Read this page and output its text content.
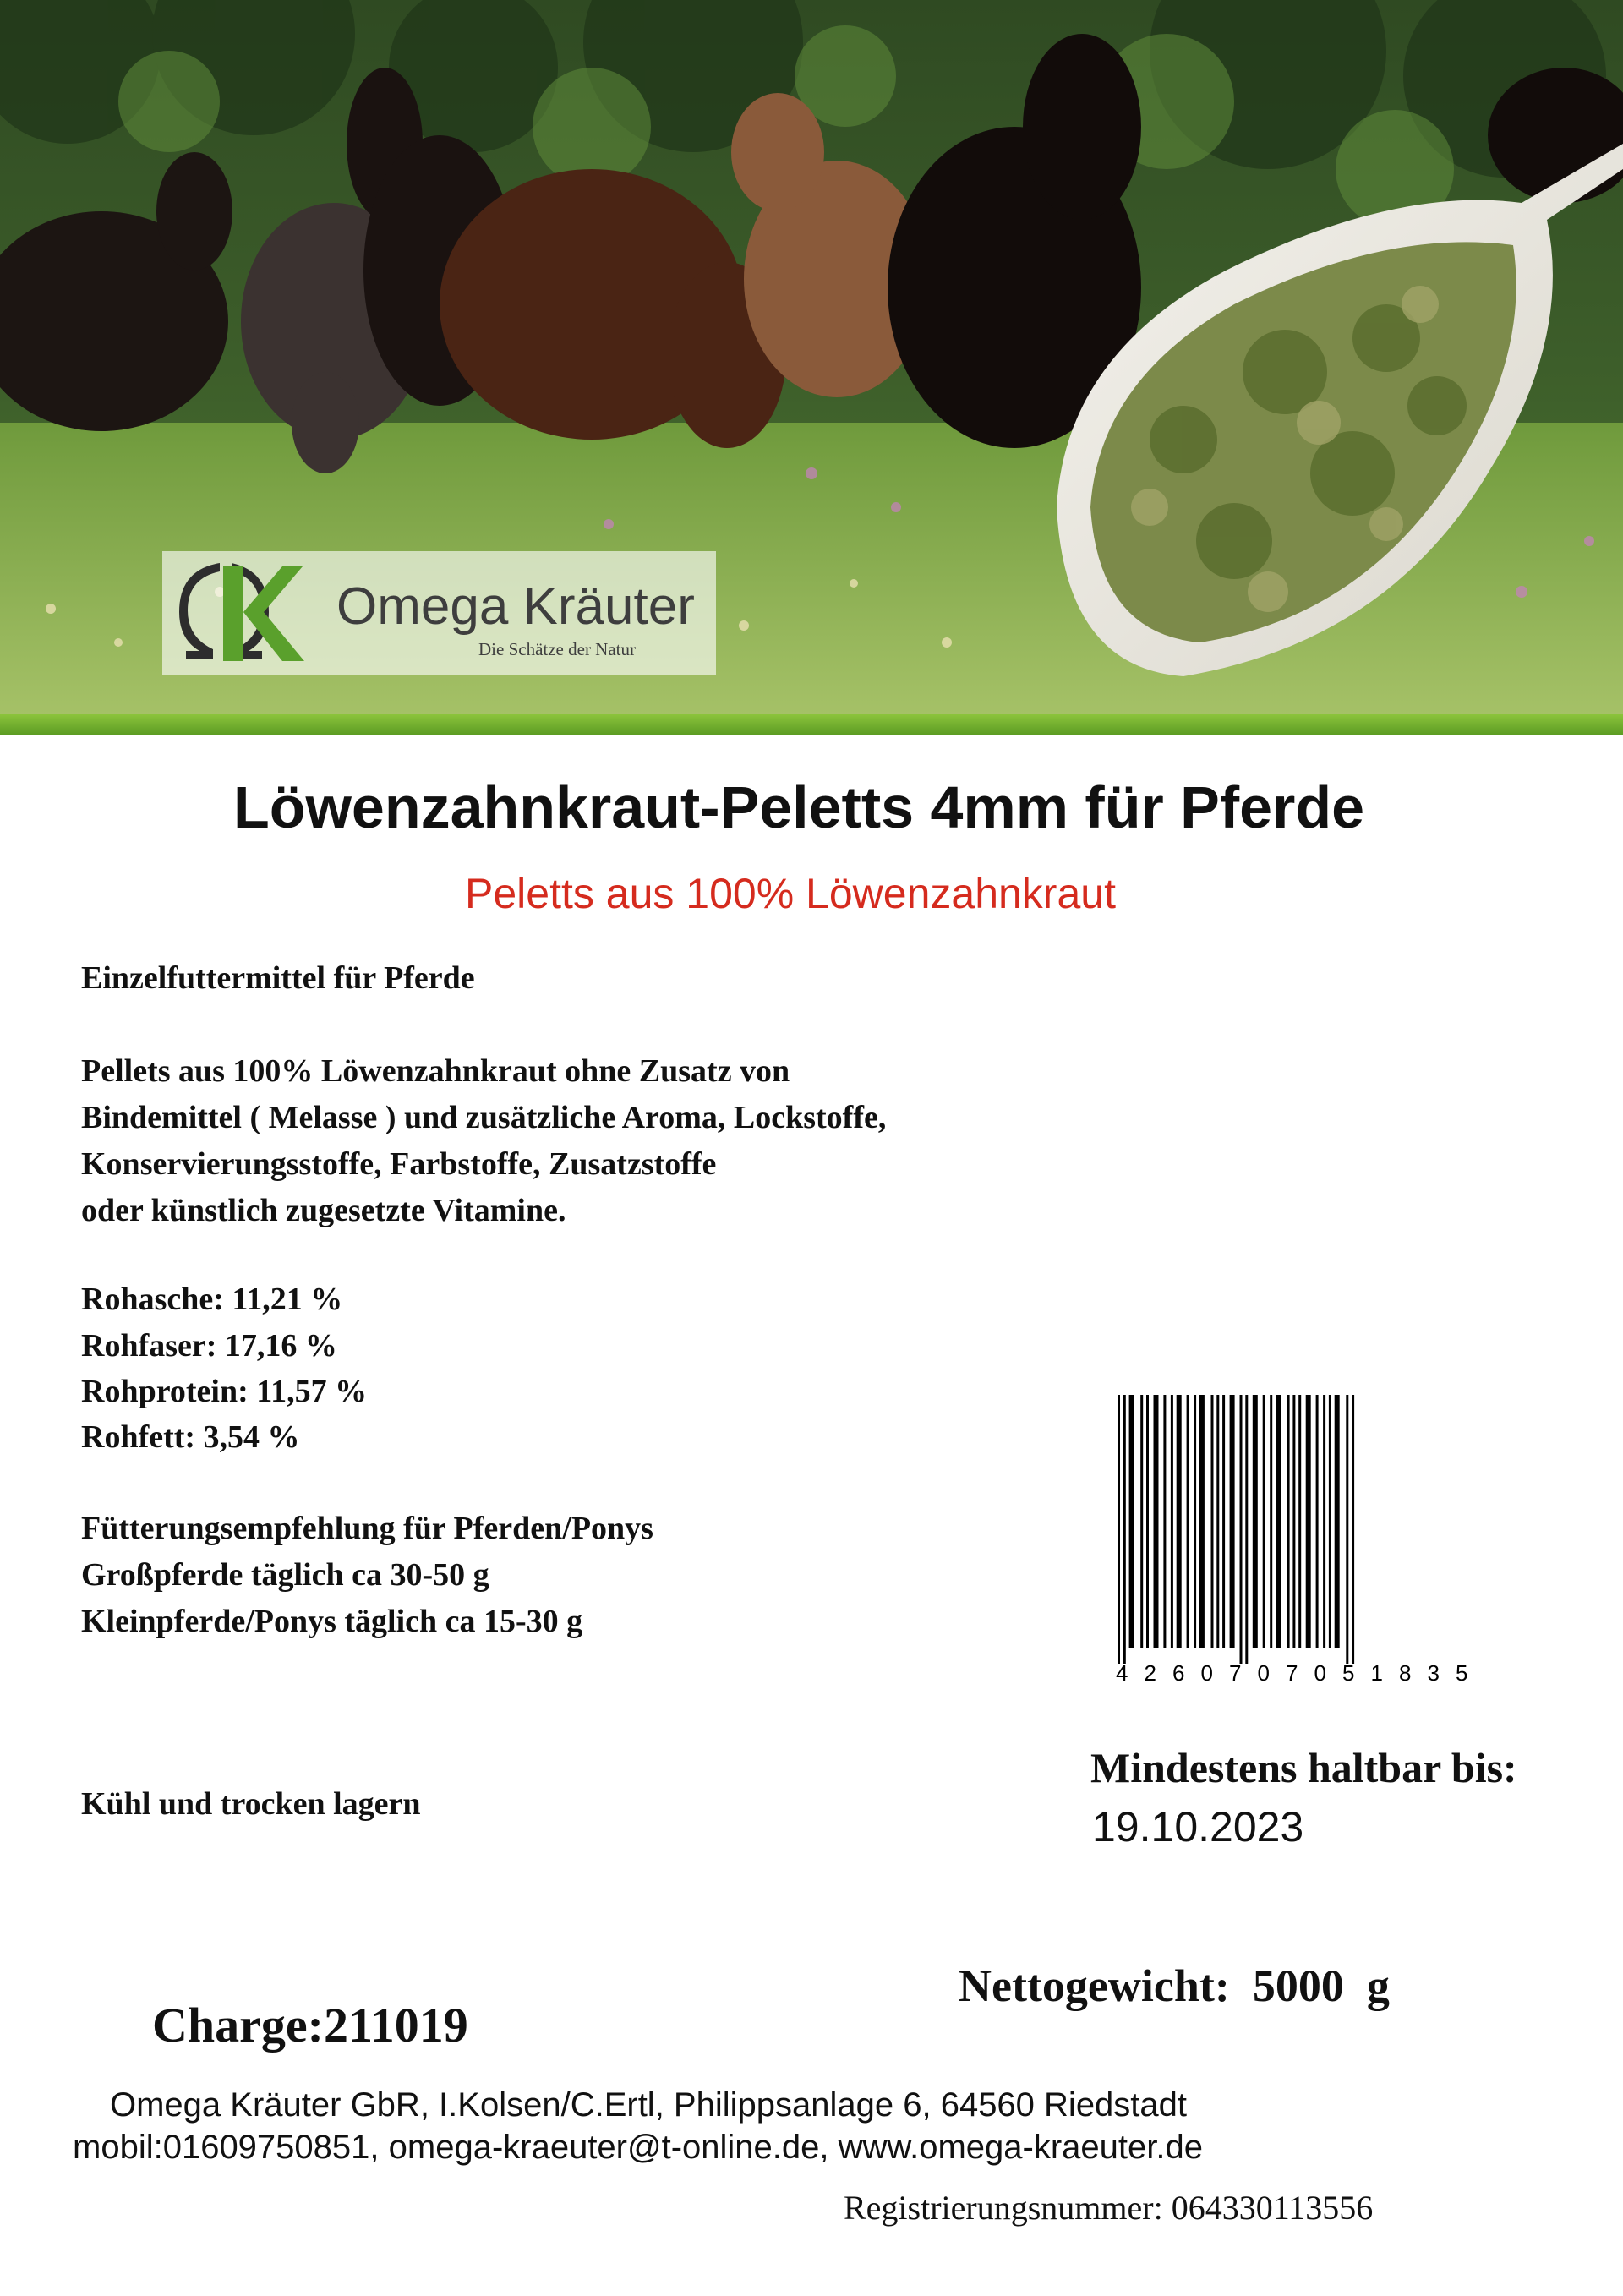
Omega Kräuter
Die Schätze der Natur
Löwenzahnkraut-Peletts 4mm für Pferde
Peletts aus 100% Löwenzahnkraut
Einzelfuttermittel für Pferde
Pellets aus 100% Löwenzahnkraut ohne Zusatz von
Bindemittel ( Melasse ) und zusätzliche Aroma, Lockstoffe,
Konservierungsstoffe, Farbstoffe, Zusatzstoffe
oder künstlich zugesetzte Vitamine.
Rohasche: 11,21 %
Rohfaser: 17,16 %
Rohprotein: 11,57 %
Rohfett: 3,54 %
Fütterungsempfehlung für Pferden/Ponys
Großpferde täglich ca 30-50 g
Kleinpferde/Ponys täglich ca 15-30 g
Kühl und trocken lagern
4 2 6 0 7 0 7 0 5 1 8 3 5
Mindestens haltbar bis:
19.10.2023
Nettogewicht:  5000  g
Charge:211019
Omega Kräuter GbR, I.Kolsen/C.Ertl, Philippsanlage 6, 64560 Riedstadt
mobil:01609750851, omega-kraeuter@t-online.de, www.omega-kraeuter.de
Registrierungsnummer: 064330113556
